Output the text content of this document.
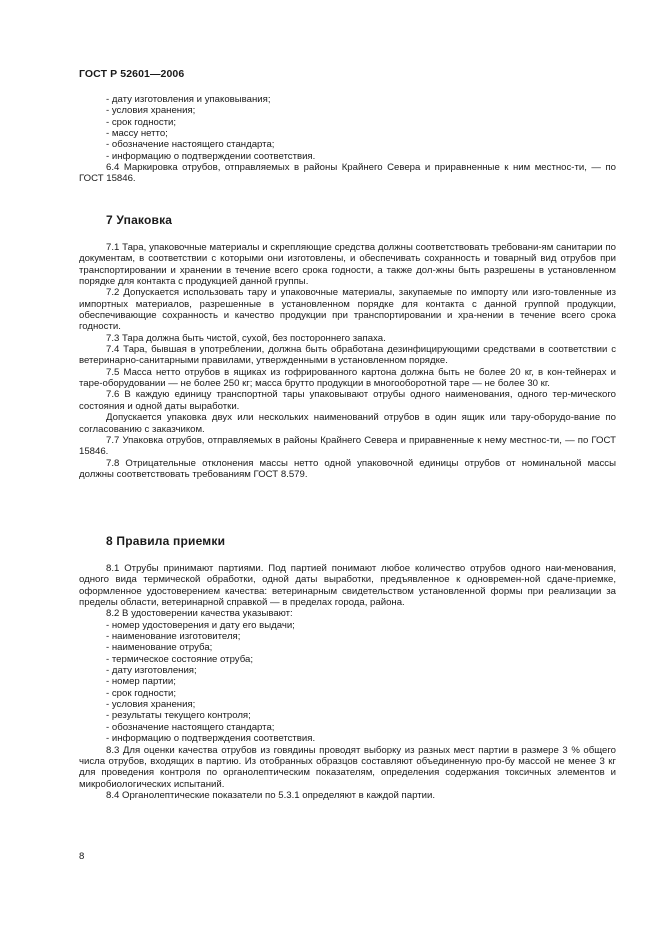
ГОСТ Р 52601—2006

- дату изготовления и упаковывания;

- условия хранения;

- срок годности;

- массу нетто;

- обозначение настоящего стандарта;

- информацию о подтверждении соответствия.

6.4 Маркировка отрубов, отправляемых в районы Крайнего Севера и приравненные к ним местнос-ти, — по ГОСТ 15846.

7 Упаковка

7.1 Тара, упаковочные материалы и скрепляющие средства должны соответствовать требовани-ям санитарии по документам, в соответствии с которыми они изготовлены, и обеспечивать сохранность и товарный вид отрубов при транспортировании и хранении в течение всего срока годности, а также дол-жны быть разрешены в установленном порядке для контакта с продукцией данной группы.

7.2 Допускается использовать тару и упаковочные материалы, закупаемые по импорту или изго-товленные из импортных материалов, разрешенные в установленном порядке для контакта с данной группой продукции, обеспечивающие сохранность и качество продукции при транспортировании и хра-нении в течение всего срока годности.

7.3 Тара должна быть чистой, сухой, без постороннего запаха.

7.4 Тара, бывшая в употреблении, должна быть обработана дезинфицирующими средствами в соответствии с ветеринарно-санитарными правилами, утвержденными в установленном порядке.

7.5 Масса нетто отрубов в ящиках из гофрированного картона должна быть не более 20 кг, в кон-тейнерах и таре-оборудовании — не более 250 кг; масса брутто продукции в многооборотной таре — не более 30 кг.

7.6 В каждую единицу транспортной тары упаковывают отрубы одного наименования, одного тер-мического состояния и одной даты выработки.

Допускается упаковка двух или нескольких наименований отрубов в один ящик или тару-оборудо-вание по согласованию с заказчиком.

7.7 Упаковка отрубов, отправляемых в районы Крайнего Севера и приравненные к нему местнос-ти, — по ГОСТ 15846.

7.8 Отрицательные отклонения массы нетто одной упаковочной единицы отрубов от номинальной массы должны соответствовать требованиям ГОСТ 8.579.

8 Правила приемки

8.1 Отрубы принимают партиями. Под партией понимают любое количество отрубов одного наи-менования, одного вида термической обработки, одной даты выработки, предъявленное к одновремен-ной сдаче-приемке, оформленное удостоверением качества: ветеринарным свидетельством установленной формы при реализации за пределы области, ветеринарной справкой — в пределах города, района.

8.2 В удостоверении качества указывают:

- номер удостоверения и дату его выдачи;

- наименование изготовителя;

- наименование отруба;

- термическое состояние отруба;

- дату изготовления;

- номер партии;

- срок годности;

- условия хранения;

- результаты текущего контроля;

- обозначение настоящего стандарта;

- информацию о подтверждения соответствия.

8.3 Для оценки качества отрубов из говядины проводят выборку из разных мест партии в размере 3 % общего числа отрубов, входящих в партию. Из отобранных образцов составляют объединенную про-бу массой не менее 3 кг для проведения контроля по органолептическим показателям, определения содержания токсичных элементов и микробиологических испытаний.

8.4 Органолептические показатели по 5.3.1 определяют в каждой партии.

8
